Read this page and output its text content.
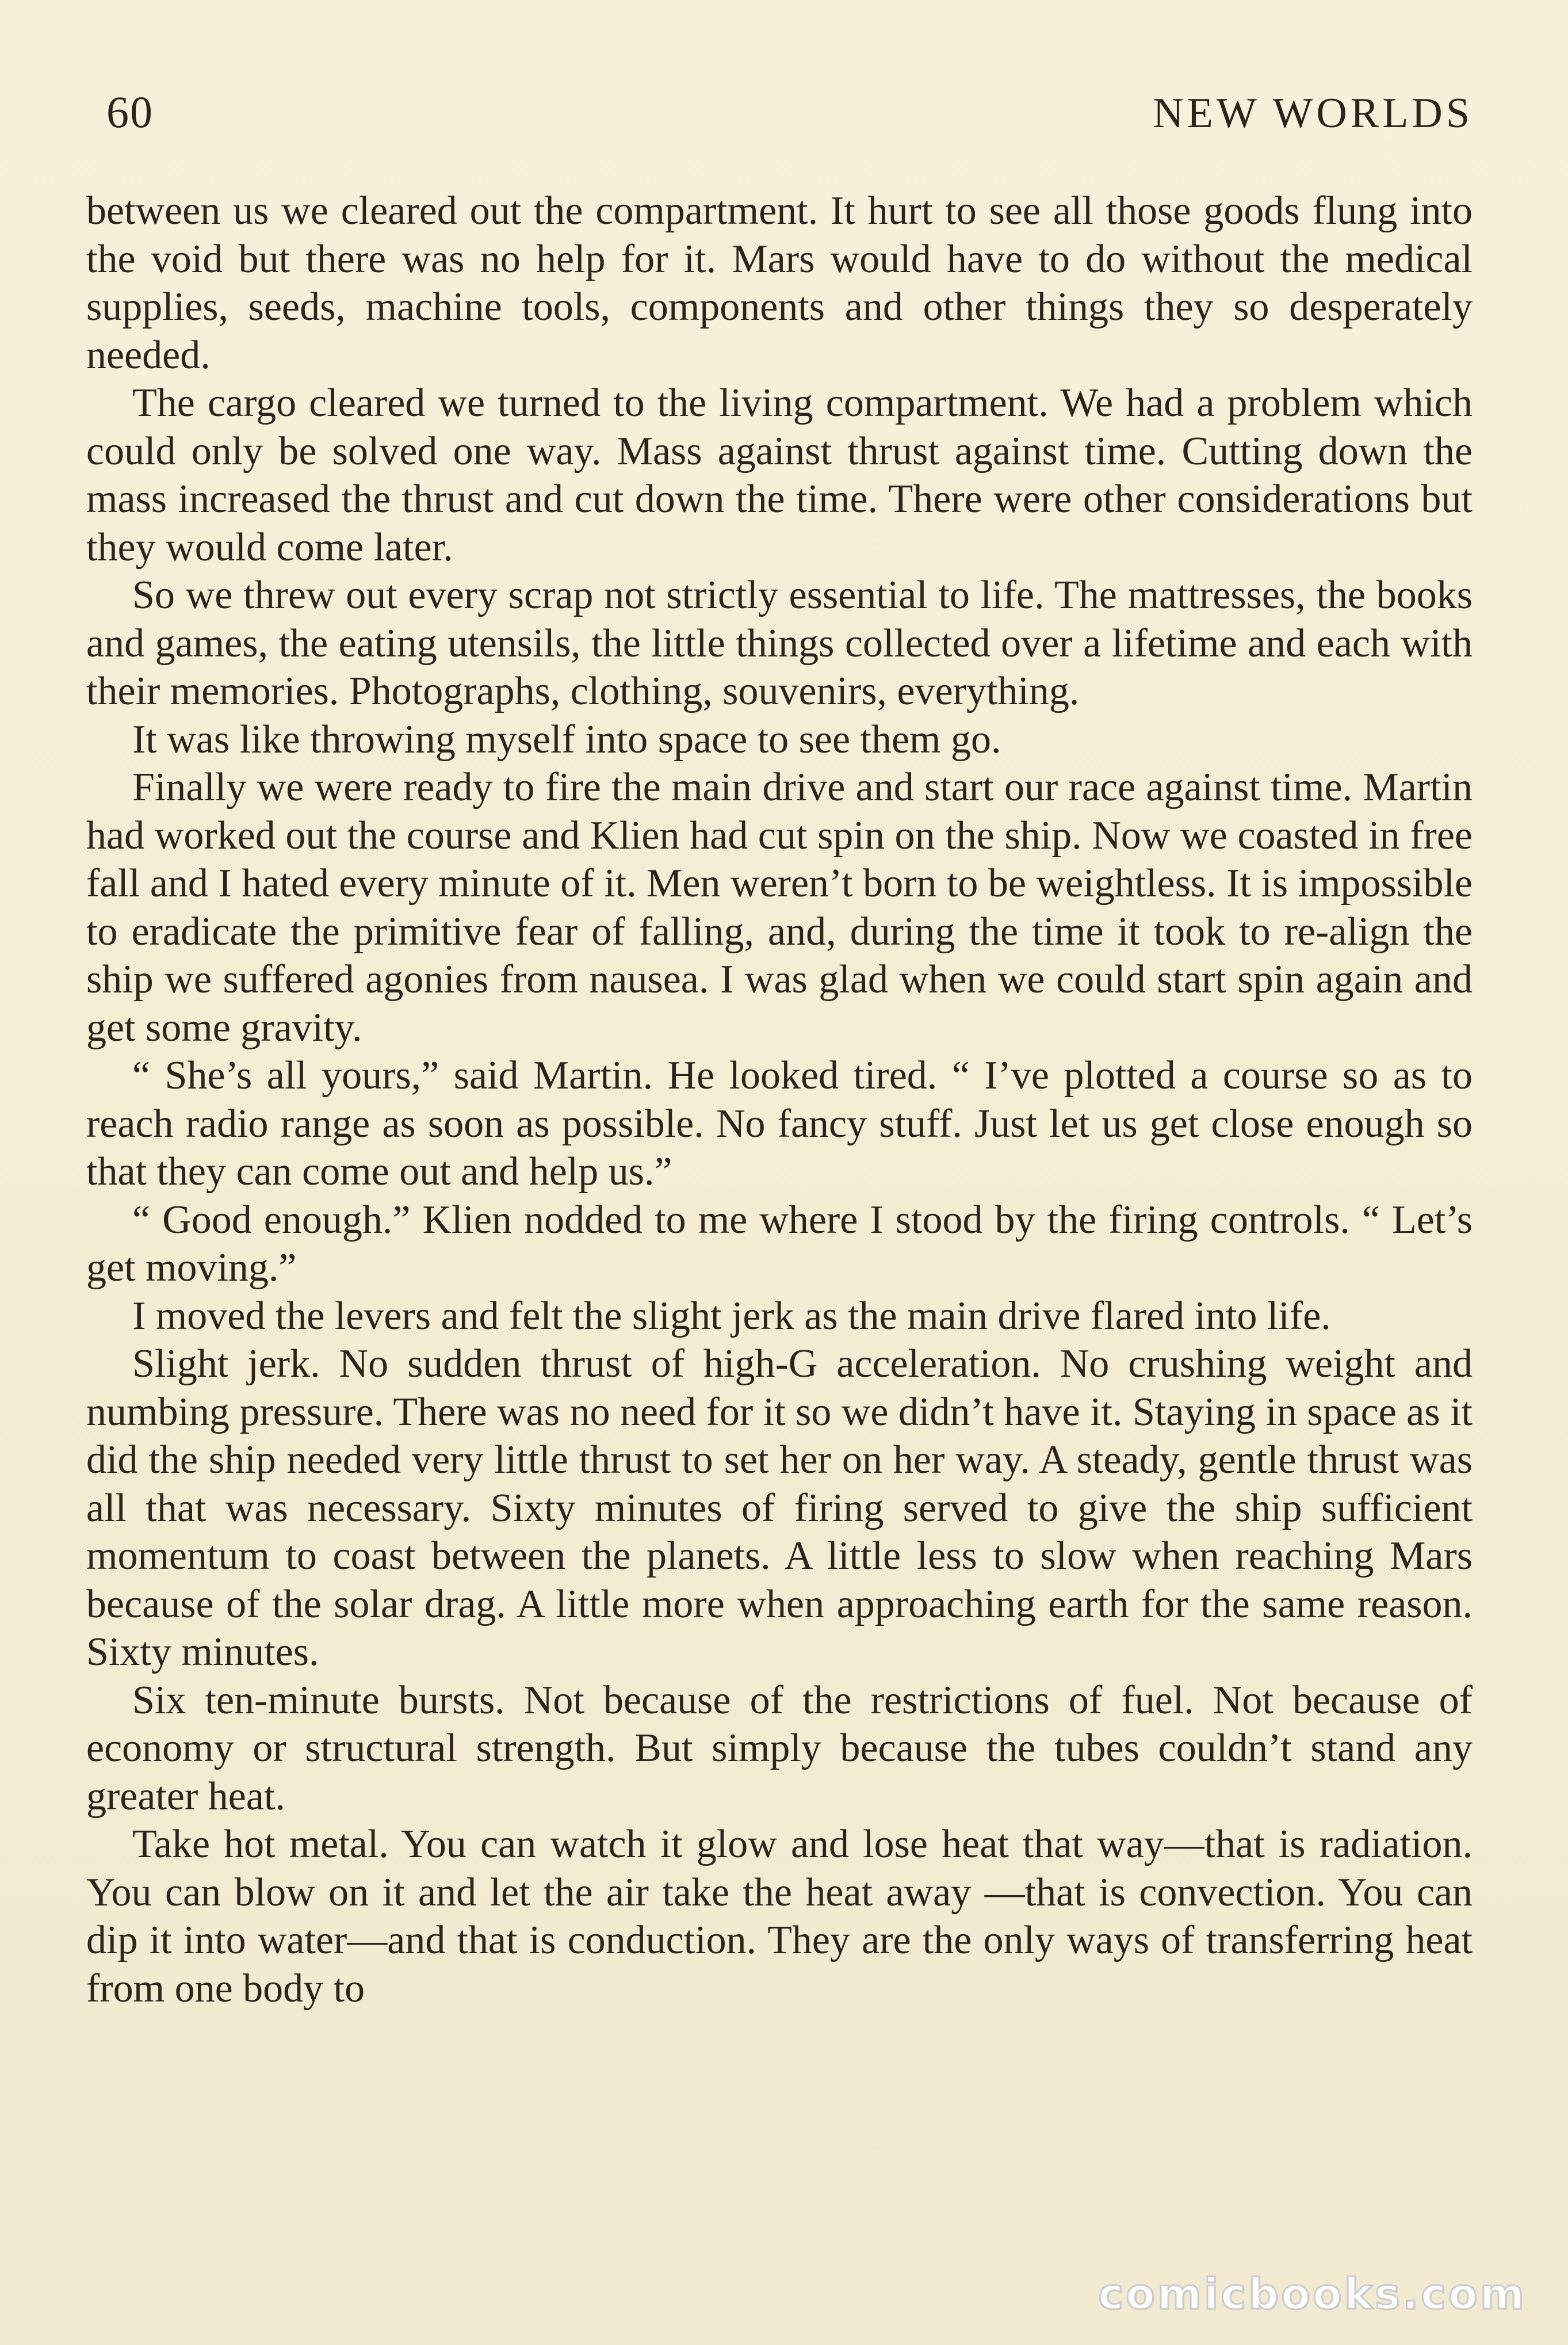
60	NEW WORLDS

between us we cleared out the compartment. It hurt to see all those goods flung into the void but there was no help for it. Mars would have to do without the medical supplies, seeds, machine tools, components and other things they so desperately needed.

The cargo cleared we turned to the living compartment. We had a problem which could only be solved one way. Mass against thrust against time. Cutting down the mass increased the thrust and cut down the time. There were other considerations but they would come later.

So we threw out every scrap not strictly essential to life. The mattresses, the books and games, the eating utensils, the little things collected over a lifetime and each with their memories. Photographs, clothing, souvenirs, everything.

It was like throwing myself into space to see them go.

Finally we were ready to fire the main drive and start our race against time. Martin had worked out the course and Klien had cut spin on the ship. Now we coasted in free fall and I hated every minute of it. Men weren’t born to be weightless. It is impossible to eradicate the primitive fear of falling, and, during the time it took to re-align the ship we suffered agonies from nausea. I was glad when we could start spin again and get some gravity.

“ She’s all yours,” said Martin. He looked tired. “ I’ve plotted a course so as to reach radio range as soon as possible. No fancy stuff. Just let us get close enough so that they can come out and help us.”

“ Good enough.” Klien nodded to me where I stood by the firing controls. “ Let’s get moving.”

I moved the levers and felt the slight jerk as the main drive flared into life.

Slight jerk. No sudden thrust of high-G acceleration. No crushing weight and numbing pressure. There was no need for it so we didn’t have it. Staying in space as it did the ship needed very little thrust to set her on her way. A steady, gentle thrust was all that was necessary. Sixty minutes of firing served to give the ship sufficient momentum to coast between the planets. A little less to slow when reaching Mars because of the solar drag. A little more when approaching earth for the same reason. Sixty minutes.

Six ten-minute bursts. Not because of the restrictions of fuel. Not because of economy or structural strength. But simply because the tubes couldn’t stand any greater heat.

Take hot metal. You can watch it glow and lose heat that way—that is radiation. You can blow on it and let the air take the heat away —that is convection. You can dip it into water—and that is conduction. They are the only ways of transferring heat from one body to

comicbooks.com
